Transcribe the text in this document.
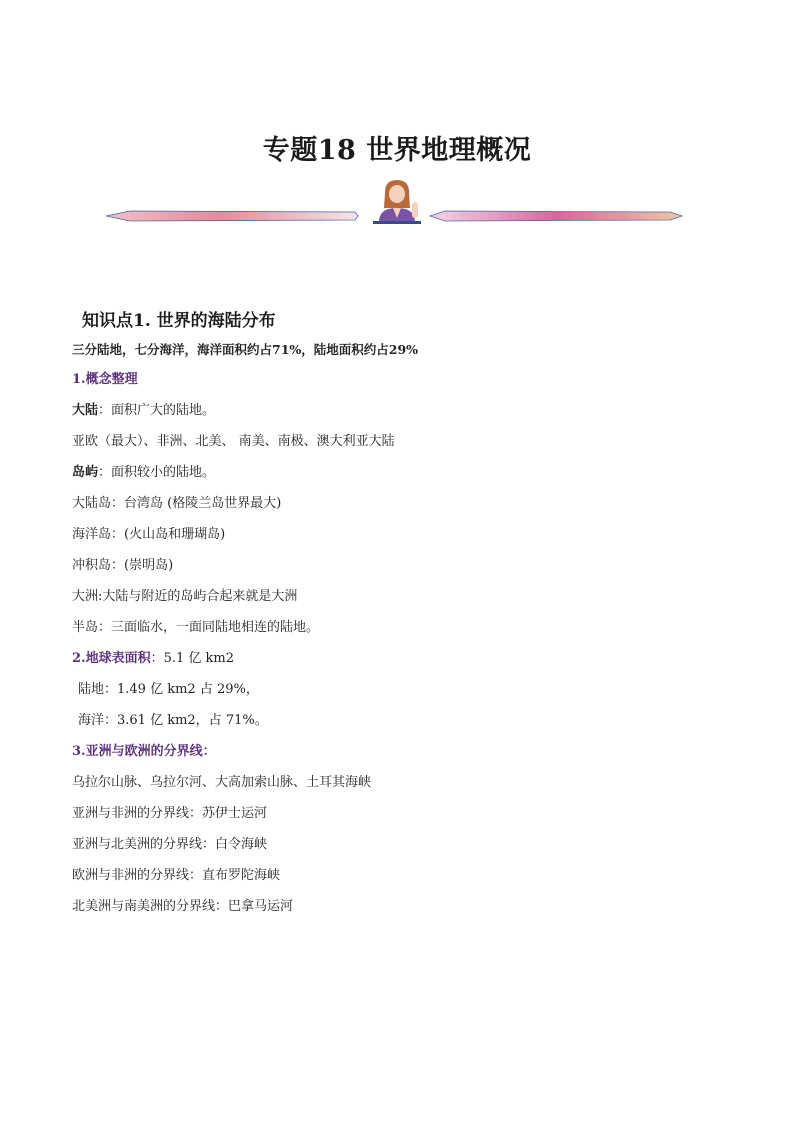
专题18 世界地理概况
知识点1. 世界的海陆分布
三分陆地，七分海洋，海洋面积约占71%，陆地面积约占29%
1.概念整理
大陆：面积广大的陆地。
亚欧（最大）、非洲、北美、 南美、南极、澳大利亚大陆
岛屿：面积较小的陆地。
大陆岛：台湾岛 (格陵兰岛世界最大)
海洋岛：(火山岛和珊瑚岛)
冲积岛：(崇明岛)
大洲:大陆与附近的岛屿合起来就是大洲
半岛：三面临水，一面同陆地相连的陆地。
2.地球表面积：5.1 亿 km2
陆地：1.49 亿 km2 占 29%，
海洋：3.61 亿 km2，占 71%。
3.亚洲与欧洲的分界线：
乌拉尔山脉、乌拉尔河、大高加索山脉、土耳其海峡
亚洲与非洲的分界线：苏伊士运河
亚洲与北美洲的分界线：白令海峡
欧洲与非洲的分界线：直布罗陀海峡
北美洲与南美洲的分界线：巴拿马运河
